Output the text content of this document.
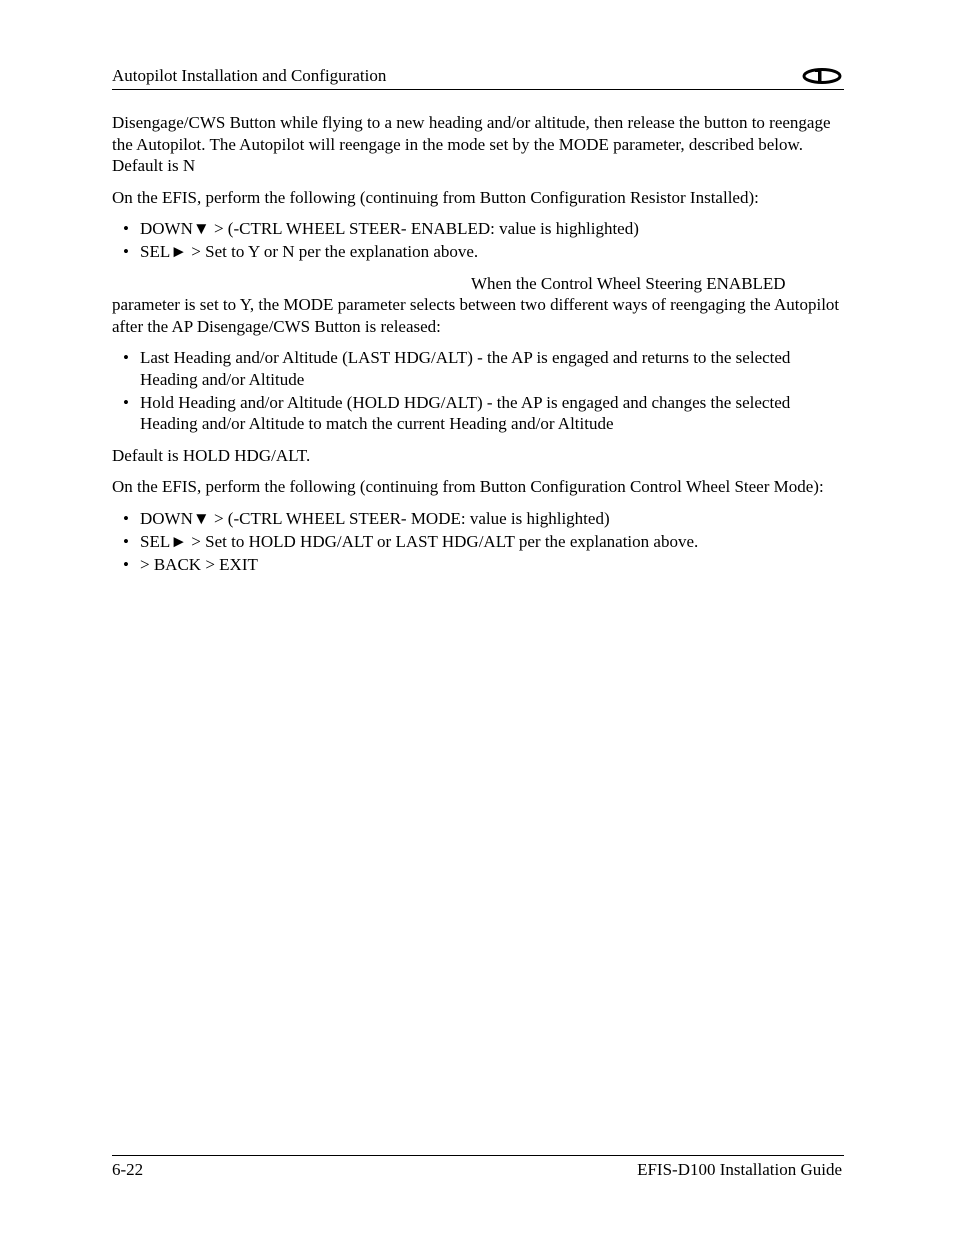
Autopilot Installation and Configuration

Disengage/CWS Button while flying to a new heading and/or altitude, then release the button to reengage the Autopilot. The Autopilot will reengage in the mode set by the MODE parameter, described below. Default is N

On the EFIS, perform the following (continuing from Button Configuration Resistor Installed):

• DOWN▼ > (-CTRL WHEEL STEER- ENABLED: value is highlighted)
• SEL► > Set to Y or N per the explanation above.
When the Control Wheel Steering ENABLED
parameter is set to Y, the MODE parameter selects between two different ways of reengaging the Autopilot after the AP Disengage/CWS Button is released:
• Last Heading and/or Altitude (LAST HDG/ALT) - the AP is engaged and returns to the selected Heading and/or Altitude
• Hold Heading and/or Altitude (HOLD HDG/ALT) - the AP is engaged and changes the selected Heading and/or Altitude to match the current Heading and/or Altitude

Default is HOLD HDG/ALT.

On the EFIS, perform the following (continuing from Button Configuration Control Wheel Steer Mode):

• DOWN▼ > (-CTRL WHEEL STEER- MODE: value is highlighted)
• SEL► > Set to HOLD HDG/ALT or LAST HDG/ALT per the explanation above.
• > BACK > EXIT
6-22	EFIS-D100 Installation Guide
